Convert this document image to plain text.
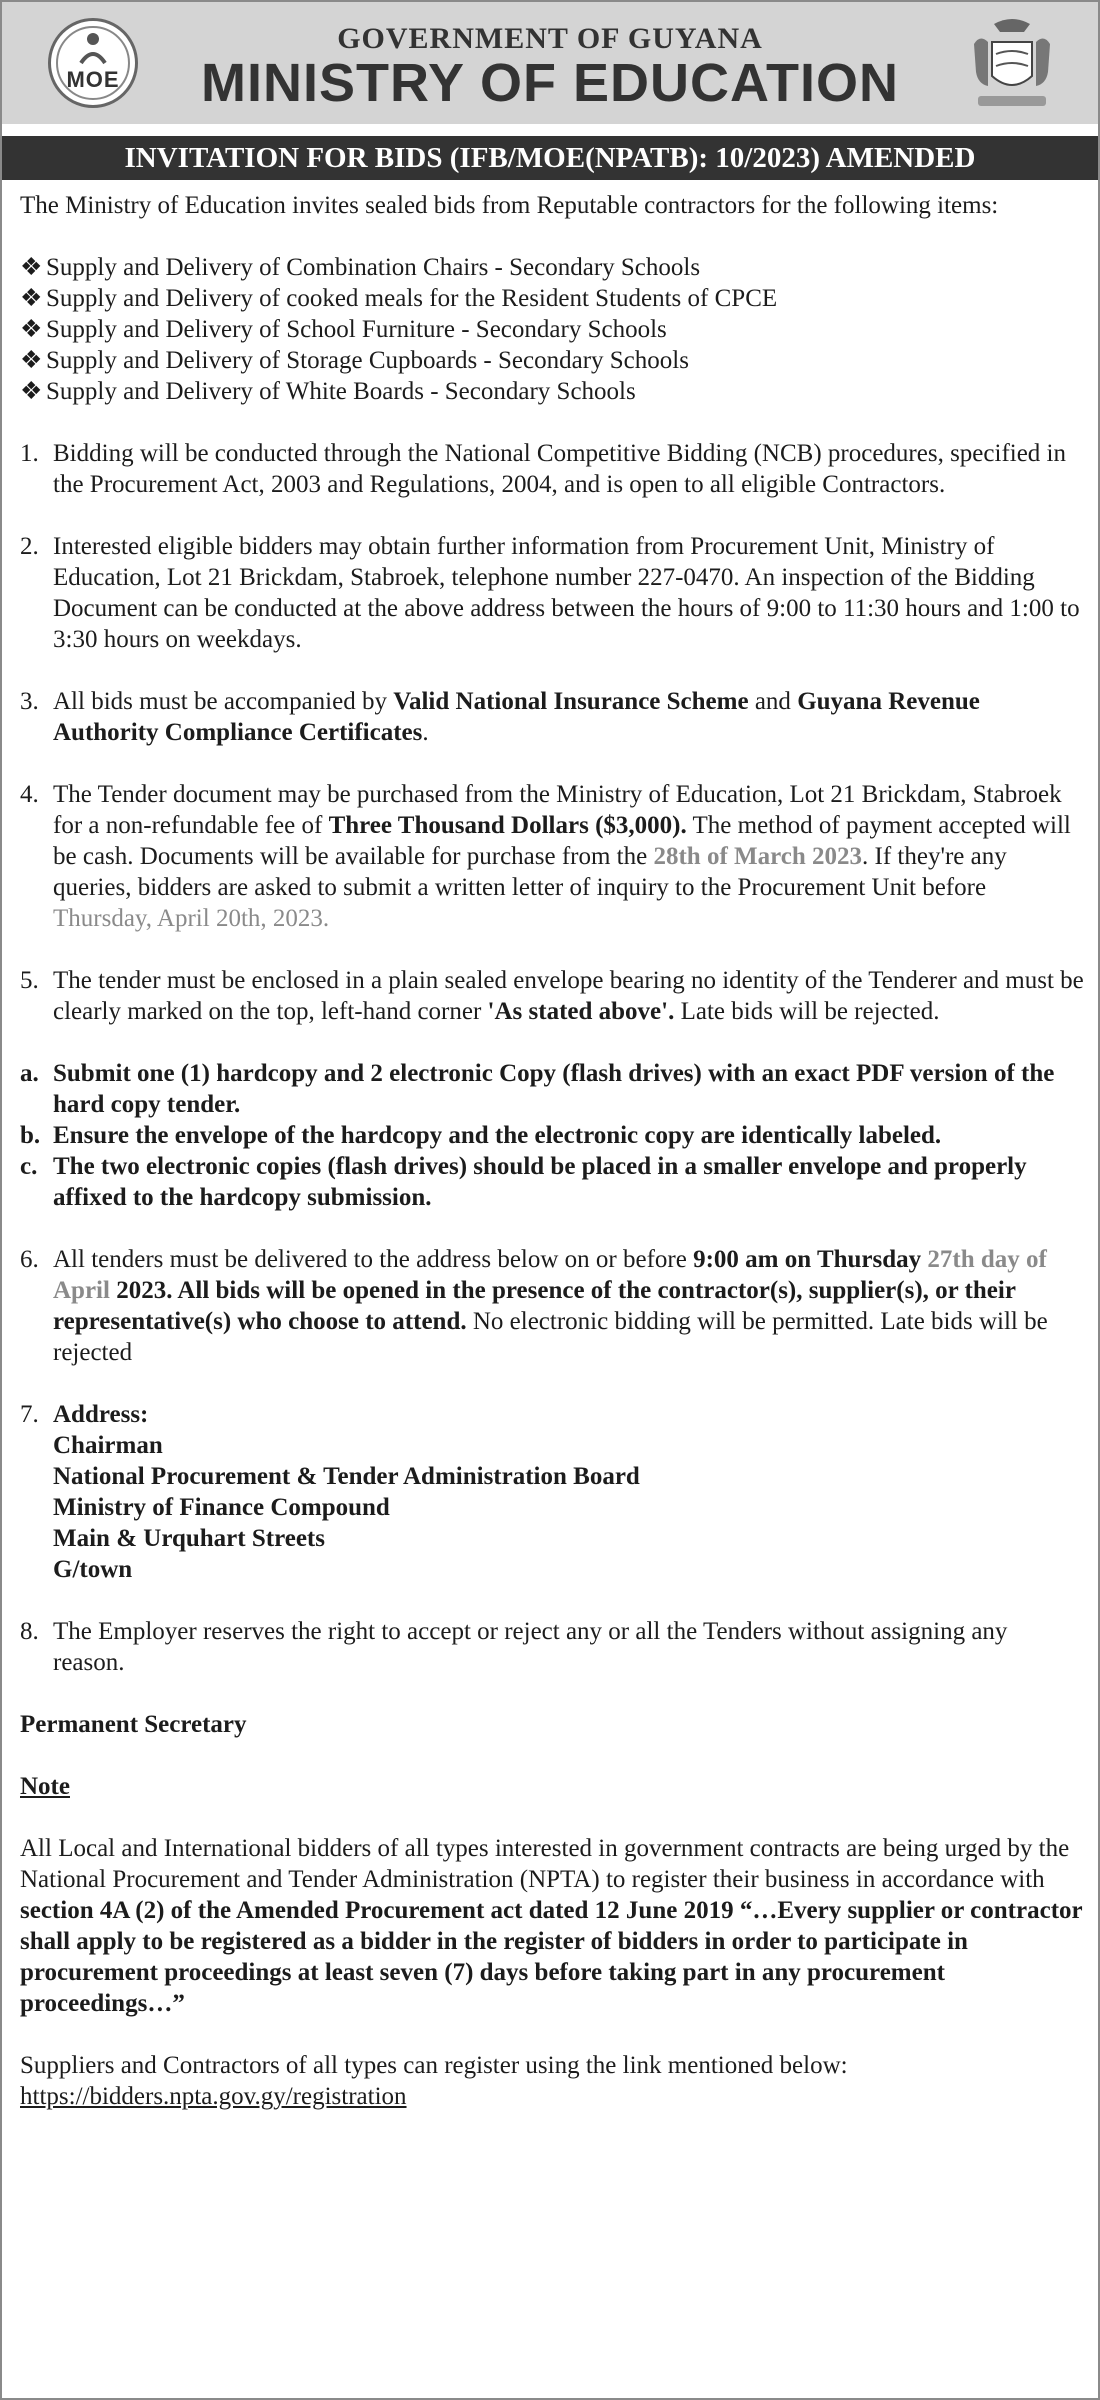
MOE
GOVERNMENT OF GUYANA
MINISTRY OF EDUCATION
INVITATION FOR BIDS (IFB/MOE(NPATB): 10/2023) AMENDED

The Ministry of Education invites sealed bids from Reputable contractors for the following items:

❖ Supply and Delivery of Combination Chairs - Secondary Schools
❖ Supply and Delivery of cooked meals for the Resident Students of CPCE
❖ Supply and Delivery of School Furniture - Secondary Schools
❖ Supply and Delivery of Storage Cupboards - Secondary Schools
❖ Supply and Delivery of White Boards - Secondary Schools
1. Bidding will be conducted through the National Competitive Bidding (NCB) procedures, specified in the Procurement Act, 2003 and Regulations, 2004, and is open to all eligible Contractors.
2. Interested eligible bidders may obtain further information from Procurement Unit, Ministry of Education, Lot 21 Brickdam, Stabroek, telephone number 227-0470. An inspection of the Bidding Document can be conducted at the above address between the hours of 9:00 to 11:30 hours and 1:00 to 3:30 hours on weekdays.
3. All bids must be accompanied by Valid National Insurance Scheme and Guyana Revenue Authority Compliance Certificates.
4. The Tender document may be purchased from the Ministry of Education, Lot 21 Brickdam, Stabroek for a non-refundable fee of Three Thousand Dollars ($3,000). The method of payment accepted will be cash. Documents will be available for purchase from the 28th of March 2023. If they're any queries, bidders are asked to submit a written letter of inquiry to the Procurement Unit before Thursday, April 20th, 2023.
5. The tender must be enclosed in a plain sealed envelope bearing no identity of the Tenderer and must be clearly marked on the top, left-hand corner 'As stated above'. Late bids will be rejected.
a. Submit one (1) hardcopy and 2 electronic Copy (flash drives) with an exact PDF version of the hard copy tender.
b. Ensure the envelope of the hardcopy and the electronic copy are identically labeled.
c. The two electronic copies (flash drives) should be placed in a smaller envelope and properly affixed to the hardcopy submission.
6. All tenders must be delivered to the address below on or before 9:00 am on Thursday 27th day of April 2023. All bids will be opened in the presence of the contractor(s), supplier(s), or their representative(s) who choose to attend. No electronic bidding will be permitted. Late bids will be rejected
7. Address:
Chairman
National Procurement & Tender Administration Board
Ministry of Finance Compound
Main & Urquhart Streets
G/town
8. The Employer reserves the right to accept or reject any or all the Tenders without assigning any reason.

Permanent Secretary

Note

All Local and International bidders of all types interested in government contracts are being urged by the National Procurement and Tender Administration (NPTA) to register their business in accordance with section 4A (2) of the Amended Procurement act dated 12 June 2019 “…Every supplier or contractor shall apply to be registered as a bidder in the register of bidders in order to participate in procurement proceedings at least seven (7) days before taking part in any procurement proceedings…”

Suppliers and Contractors of all types can register using the link mentioned below: https://bidders.npta.gov.gy/registration
